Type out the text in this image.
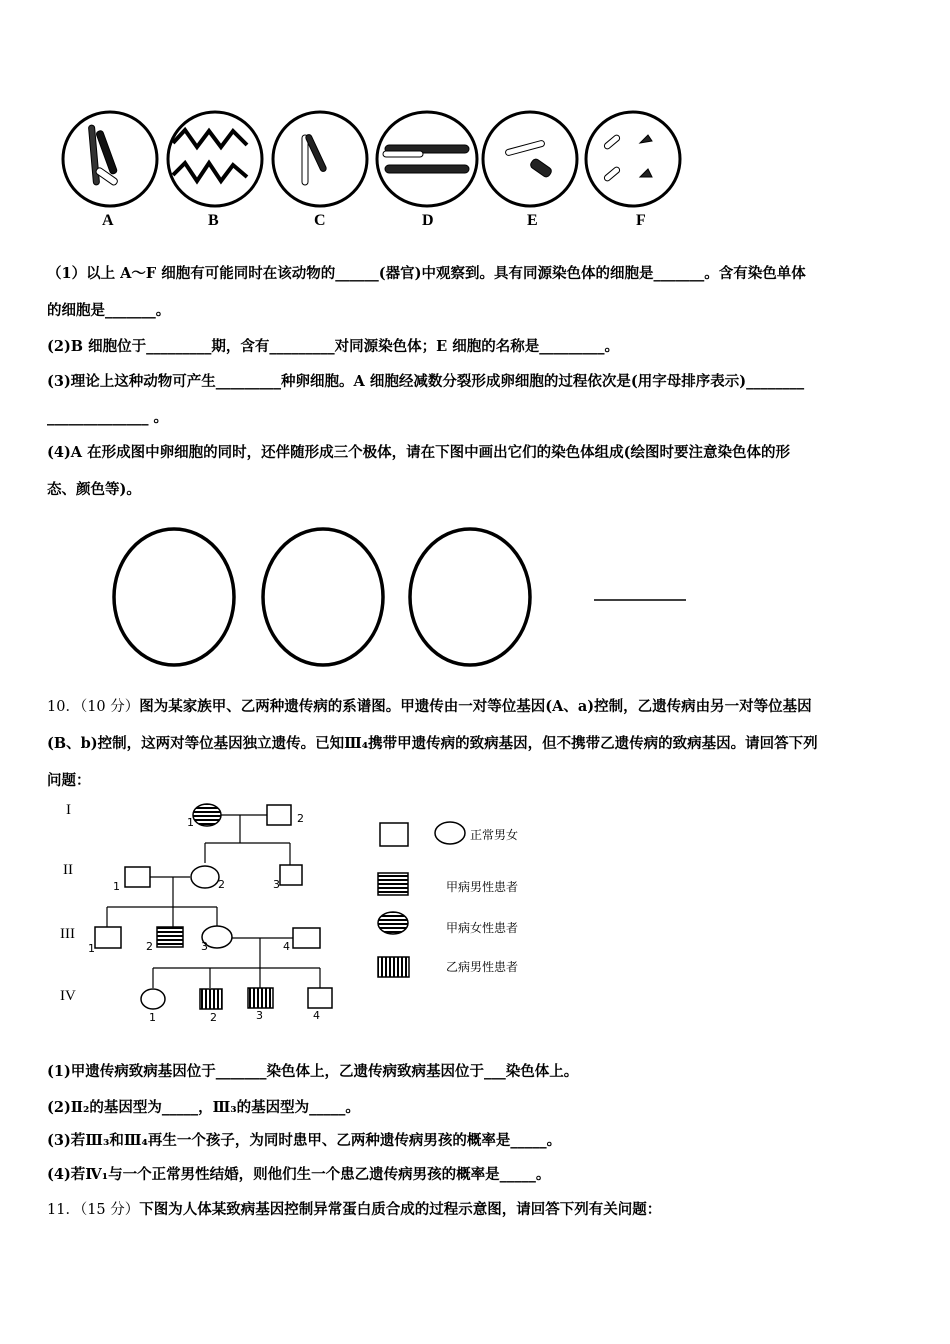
A	B	C	D	E	F
（1）以上 A～F 细胞有可能同时在该动物的______(器官)中观察到。具有同源染色体的细胞是_______。含有染色单体
的细胞是_______。
(2)B 细胞位于_________期，含有_________对同源染色体；E 细胞的名称是_________。
(3)理论上这种动物可产生_________种卵细胞。A 细胞经减数分裂形成卵细胞的过程依次是(用字母排序表示)________
______________ 。
(4)A 在形成图中卵细胞的同时，还伴随形成三个极体，请在下图中画出它们的染色体组成(绘图时要注意染色体的形
态、颜色等)。
10．（10 分）图为某家族甲、乙两种遗传病的系谱图。甲遗传由一对等位基因(A、a)控制，乙遗传病由另一对等位基因
(B、b)控制，这两对等位基因独立遗传。已知Ⅲ₄携带甲遗传病的致病基因，但不携带乙遗传病的致病基因。请回答下列
问题：
I
II
III
IV
1	2
1	2	3
1	2	3	4
1	2	3	4
正常男女
甲病男性患者
甲病女性患者
乙病男性患者
(1)甲遗传病致病基因位于_______染色体上，乙遗传病致病基因位于___染色体上。
(2)Ⅱ₂的基因型为_____，Ⅲ₃的基因型为_____。
(3)若Ⅲ₃和Ⅲ₄再生一个孩子，为同时患甲、乙两种遗传病男孩的概率是_____。
(4)若Ⅳ₁与一个正常男性结婚，则他们生一个患乙遗传病男孩的概率是_____。
11．（15 分）下图为人体某致病基因控制异常蛋白质合成的过程示意图，请回答下列有关问题：
